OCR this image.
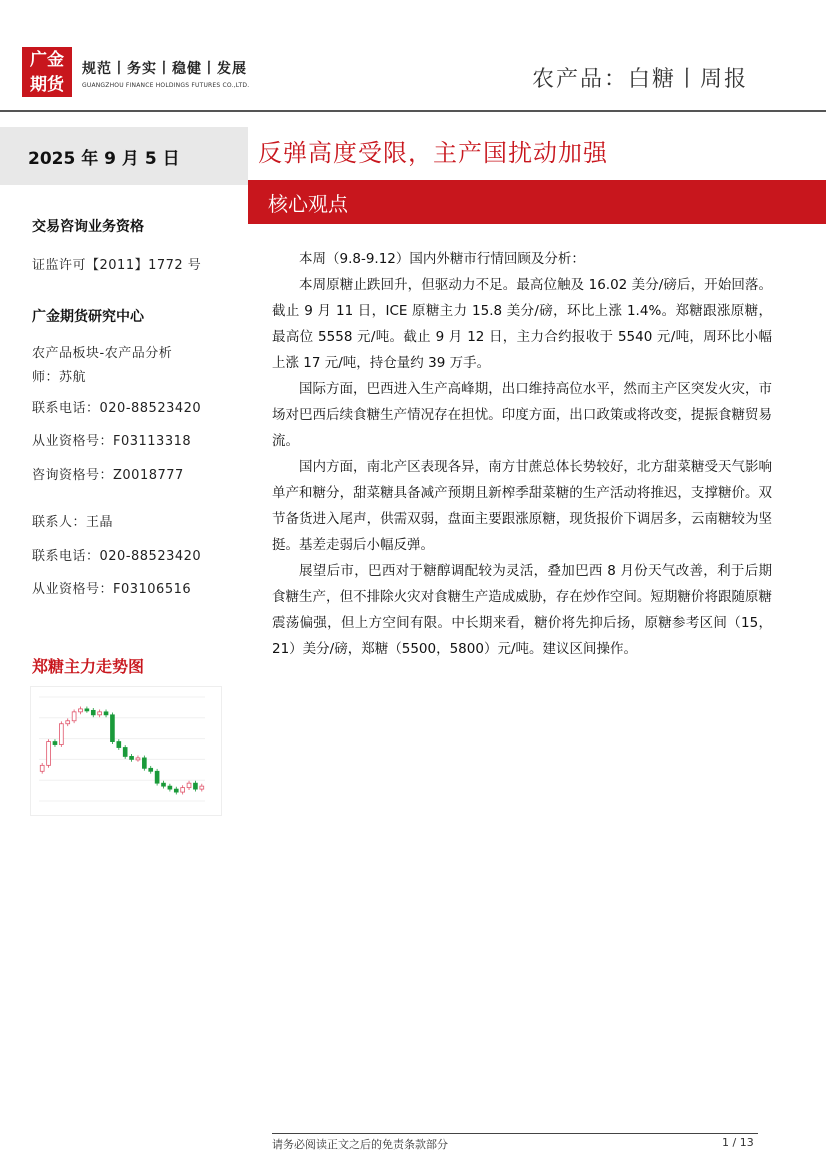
广金
期货
规范丨务实丨稳健丨发展
GUANGZHOU FINANCE HOLDINGS FUTURES CO.,LTD.	农产品：白糖丨周报
2025 年 9 月 5 日
交易咨询业务资格
证监许可【2011】1772 号
广金期货研究中心
农产品板块-农产品分析
师：苏航
联系电话：020-88523420
从业资格号：F03113318
咨询资格号：Z0018777
联系人：王晶
联系电话：020-88523420
从业资格号：F03106516
郑糖主力走势图
反弹高度受限，主产国扰动加强
核心观点

本周（9.8-9.12）国内外糖市行情回顾及分析：

本周原糖止跌回升，但驱动力不足。最高位触及 16.02 美分/磅后，开始回落。截止 9 月 11 日，ICE 原糖主力 15.8 美分/磅，环比上涨 1.4%。郑糖跟涨原糖，最高位 5558 元/吨。截止 9 月 12 日，主力合约报收于 5540 元/吨，周环比小幅上涨 17 元/吨，持仓量约 39 万手。

国际方面，巴西进入生产高峰期，出口维持高位水平，然而主产区突发火灾，市场对巴西后续食糖生产情况存在担忧。印度方面，出口政策或将改变，提振食糖贸易流。

国内方面，南北产区表现各异，南方甘蔗总体长势较好，北方甜菜糖受天气影响单产和糖分，甜菜糖具备减产预期且新榨季甜菜糖的生产活动将推迟，支撑糖价。双节备货进入尾声，供需双弱，盘面主要跟涨原糖，现货报价下调居多，云南糖较为坚挺。基差走弱后小幅反弹。

展望后市，巴西对于糖醇调配较为灵活，叠加巴西 8 月份天气改善，利于后期食糖生产，但不排除火灾对食糖生产造成威胁，存在炒作空间。短期糖价将跟随原糖震荡偏强，但上方空间有限。中长期来看，糖价将先抑后扬，原糖参考区间（15，21）美分/磅，郑糖（5500，5800）元/吨。建议区间操作。

请务必阅读正文之后的免责条款部分	1 / 13
